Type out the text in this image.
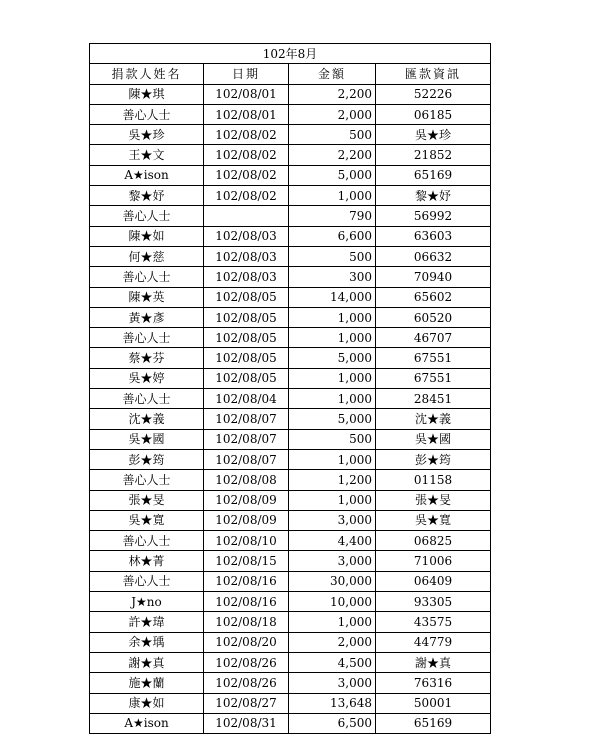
102年8月			
捐款人姓名	日期	金額	匯款資訊
陳★琪	102/08/01	2,200	52226
善心人士	102/08/01	2,000	06185
吳★珍	102/08/02	500	吳★珍
王★文	102/08/02	2,200	21852
A★ison	102/08/02	5,000	65169
黎★妤	102/08/02	1,000	黎★妤
善心人士		790	56992
陳★如	102/08/03	6,600	63603
何★慈	102/08/03	500	06632
善心人士	102/08/03	300	70940
陳★英	102/08/05	14,000	65602
黃★彥	102/08/05	1,000	60520
善心人士	102/08/05	1,000	46707
蔡★芬	102/08/05	5,000	67551
吳★婷	102/08/05	1,000	67551
善心人士	102/08/04	1,000	28451
沈★義	102/08/07	5,000	沈★義
吳★國	102/08/07	500	吳★國
彭★筠	102/08/07	1,000	彭★筠
善心人士	102/08/08	1,200	01158
張★旻	102/08/09	1,000	張★旻
吳★寬	102/08/09	3,000	吳★寬
善心人士	102/08/10	4,400	06825
林★菁	102/08/15	3,000	71006
善心人士	102/08/16	30,000	06409
J★no	102/08/16	10,000	93305
許★瑋	102/08/18	1,000	43575
余★瑀	102/08/20	2,000	44779
謝★真	102/08/26	4,500	謝★真
施★蘭	102/08/26	3,000	76316
康★如	102/08/27	13,648	50001
A★ison	102/08/31	6,500	65169
